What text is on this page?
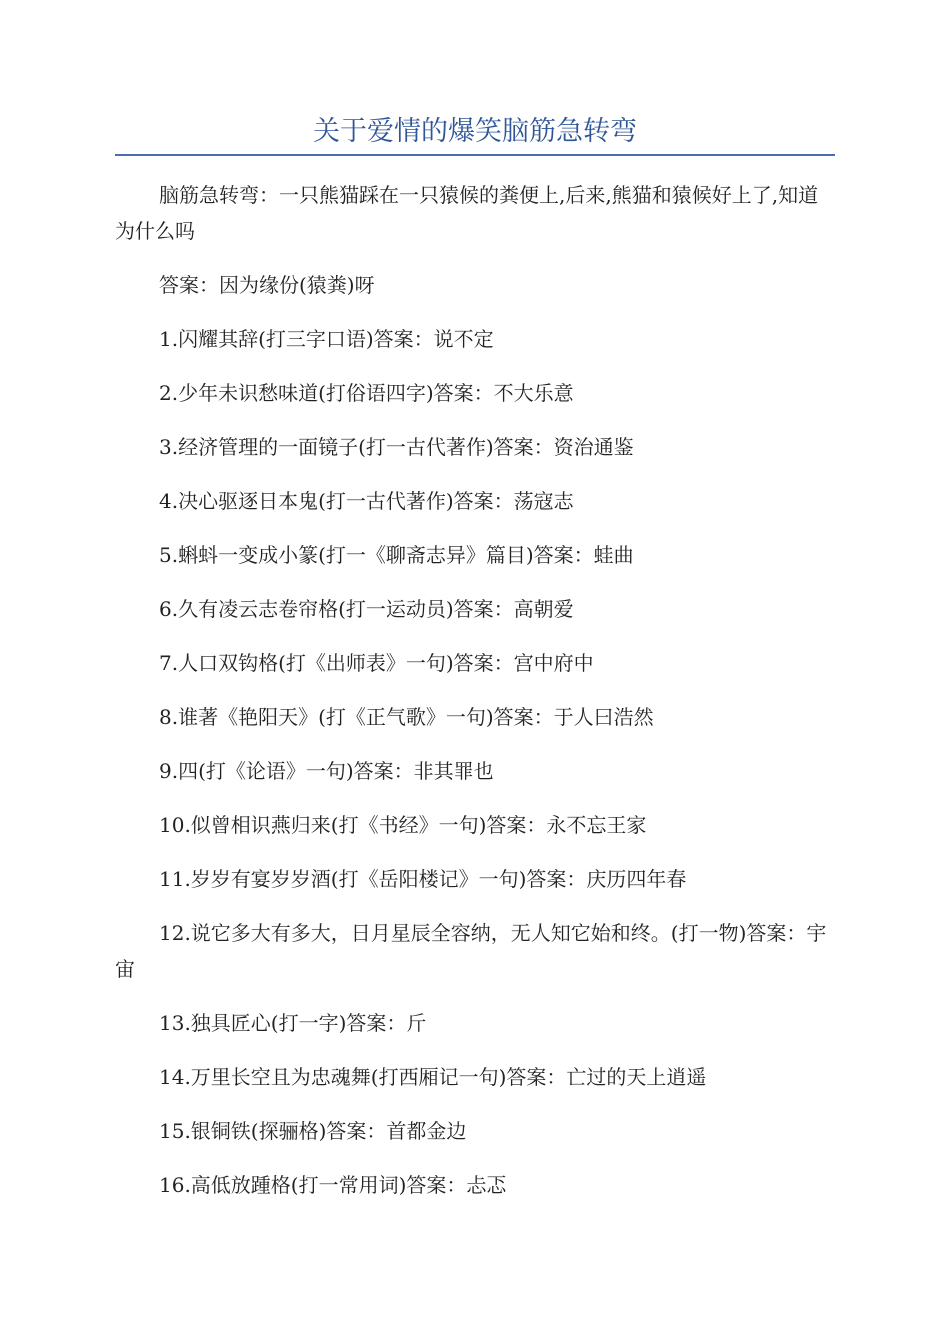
关于爱情的爆笑脑筋急转弯

脑筋急转弯：一只熊猫踩在一只猿候的粪便上,后来,熊猫和猿候好上了,知道为什么吗

答案：因为缘份(猿粪)呀

1.闪耀其辞(打三字口语)答案：说不定

2.少年未识愁味道(打俗语四字)答案：不大乐意

3.经济管理的一面镜子(打一古代著作)答案：资治通鉴

4.决心驱逐日本鬼(打一古代著作)答案：荡寇志

5.蝌蚪一变成小篆(打一《聊斋志异》篇目)答案：蛙曲

6.久有凌云志卷帘格(打一运动员)答案：高朝爱

7.人口双钩格(打《出师表》一句)答案：宫中府中

8.谁著《艳阳天》(打《正气歌》一句)答案：于人曰浩然

9.四(打《论语》一句)答案：非其罪也

10.似曾相识燕归来(打《书经》一句)答案：永不忘王家

11.岁岁有宴岁岁酒(打《岳阳楼记》一句)答案：庆历四年春

12.说它多大有多大，日月星辰全容纳，无人知它始和终。(打一物)答案：宇宙

13.独具匠心(打一字)答案：斤

14.万里长空且为忠魂舞(打西厢记一句)答案：亡过的天上逍遥

15.银铜铁(探骊格)答案：首都金边

16.高低放踵格(打一常用词)答案：忐忑
